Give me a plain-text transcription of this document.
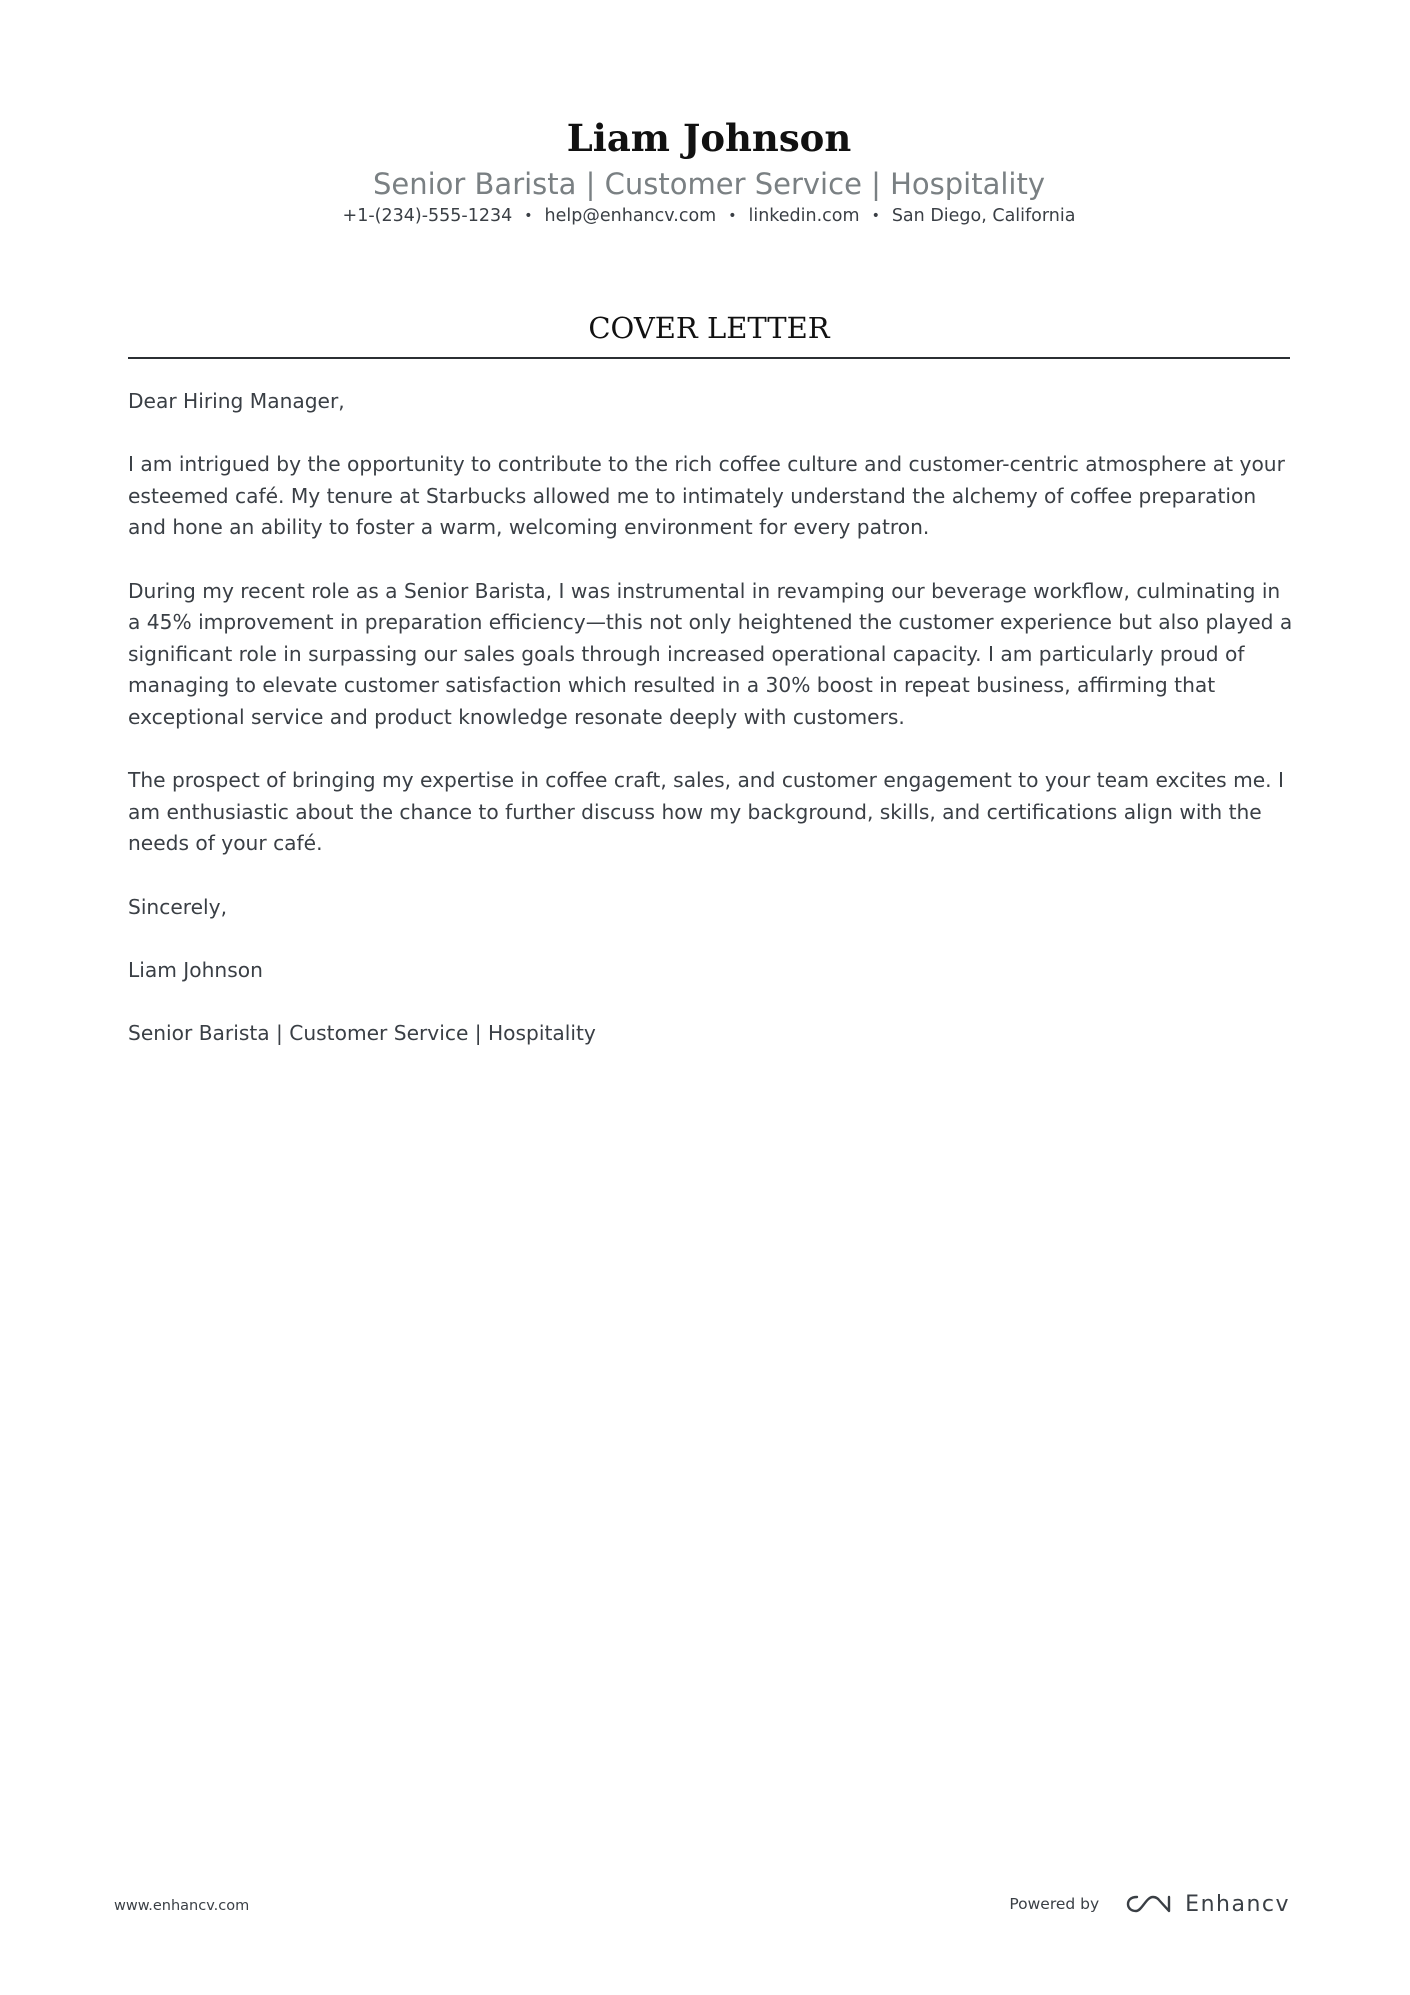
Liam Johnson
Senior Barista | Customer Service | Hospitality
+1-(234)-555-1234 • help@enhancv.com • linkedin.com • San Diego, California
COVER LETTER

Dear Hiring Manager,

I am intrigued by the opportunity to contribute to the rich coffee culture and customer-centric atmosphere at your esteemed café. My tenure at Starbucks allowed me to intimately understand the alchemy of coffee preparation and hone an ability to foster a warm, welcoming environment for every patron.

During my recent role as a Senior Barista, I was instrumental in revamping our beverage workflow, culminating in a 45% improvement in preparation efficiency—this not only heightened the customer experience but also played a significant role in surpassing our sales goals through increased operational capacity. I am particularly proud of managing to elevate customer satisfaction which resulted in a 30% boost in repeat business, affirming that exceptional service and product knowledge resonate deeply with customers.

The prospect of bringing my expertise in coffee craft, sales, and customer engagement to your team excites me. I am enthusiastic about the chance to further discuss how my background, skills, and certifications align with the needs of your café.

Sincerely,

Liam Johnson

Senior Barista | Customer Service | Hospitality

www.enhancv.com	Powered by	Enhancv
